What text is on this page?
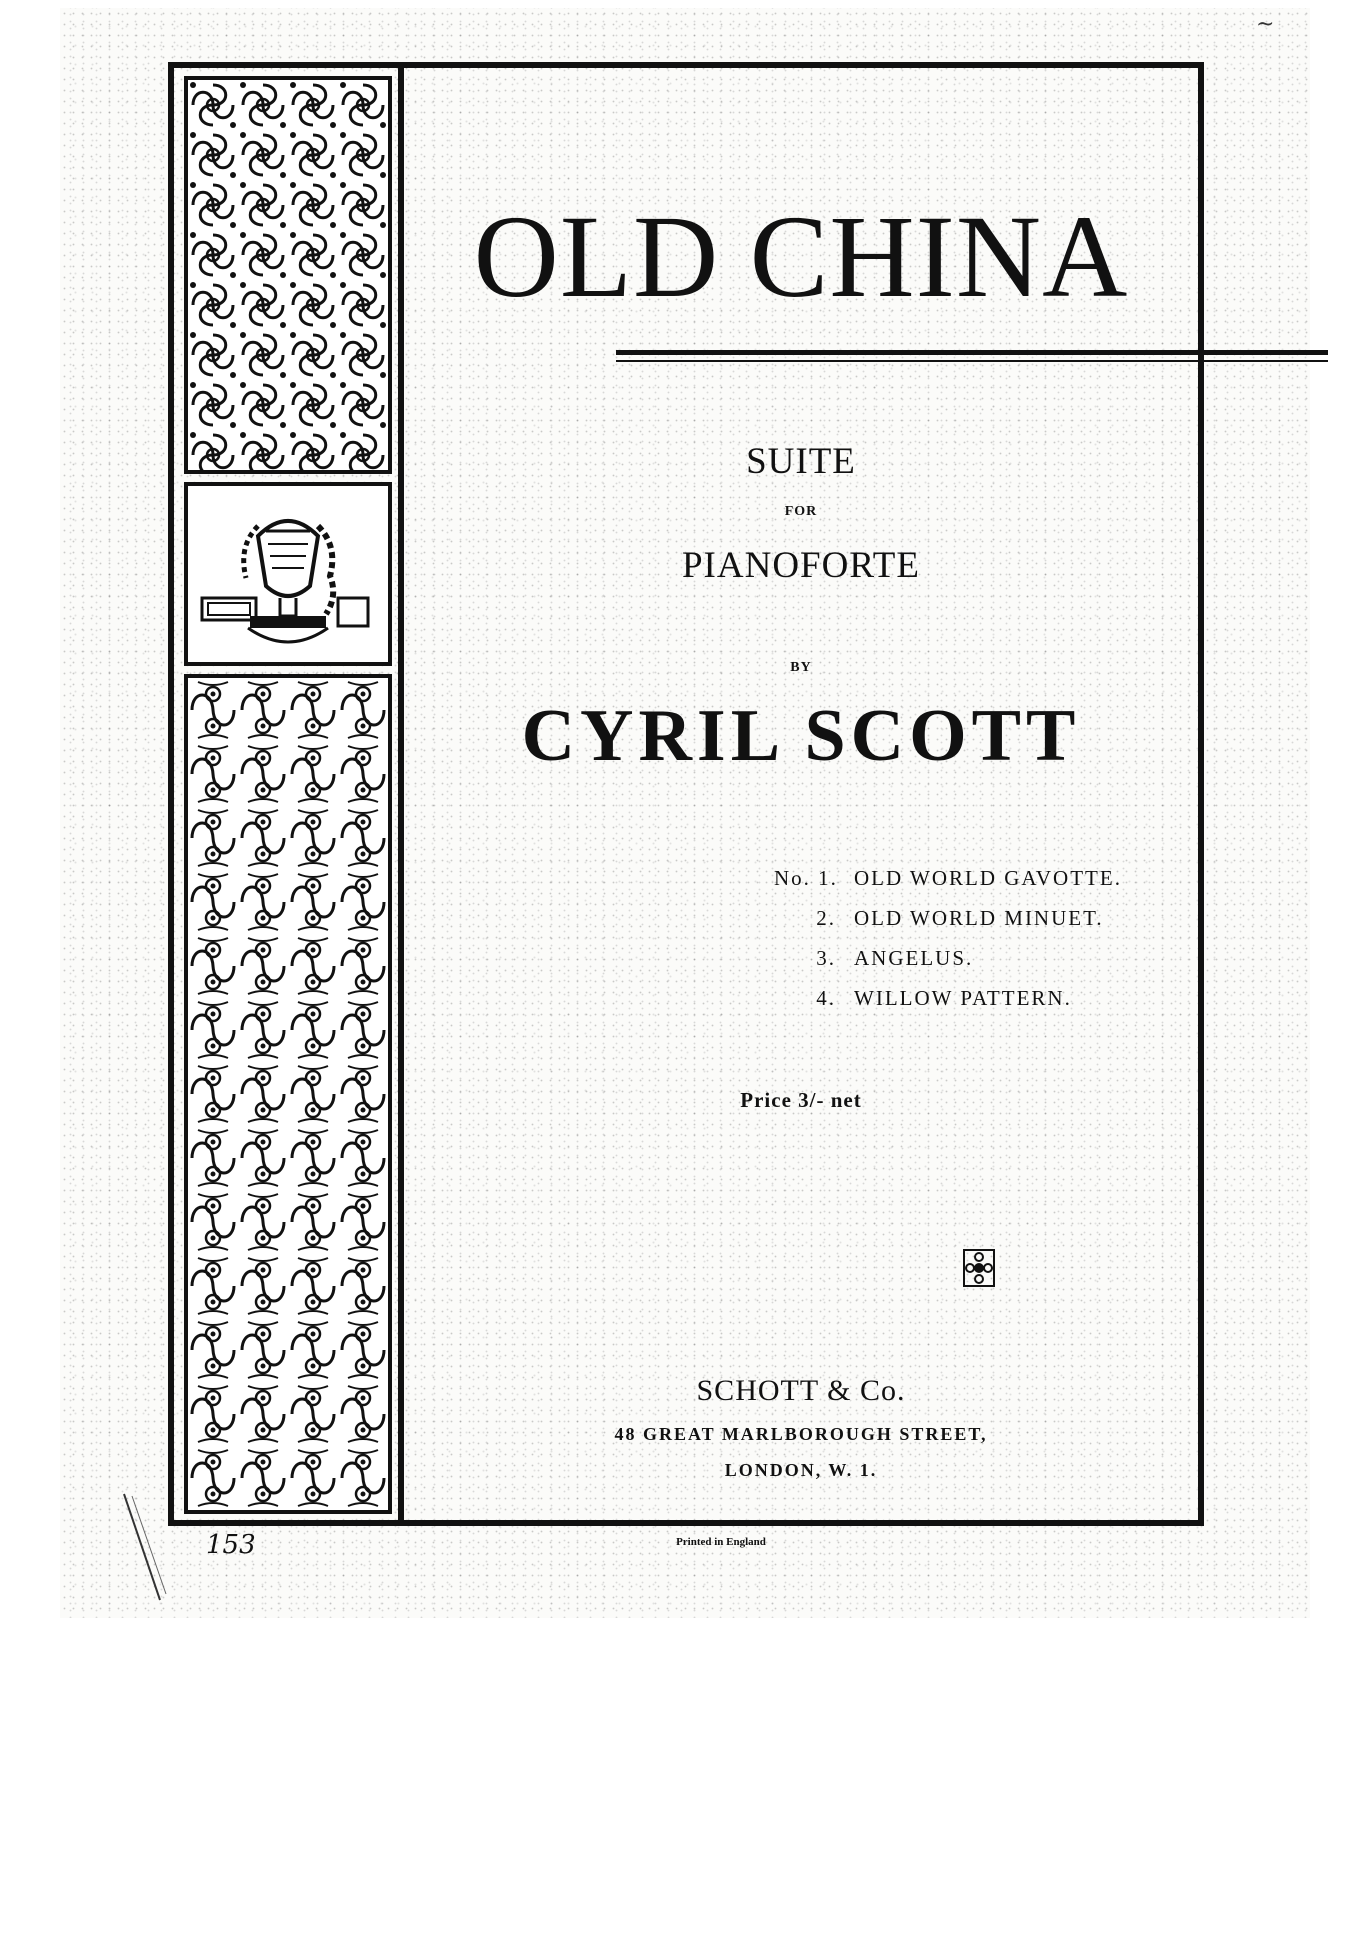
~
OLD CHINA
SUITE
FOR
PIANOFORTE
BY
CYRIL SCOTT
No. 1. OLD WORLD GAVOTTE.
2. OLD WORLD MINUET.
3. ANGELUS.
4. WILLOW PATTERN.
Price 3/- net
SCHOTT & Co.
48 GREAT MARLBOROUGH STREET,
LONDON, W. 1.
153	Printed in England
